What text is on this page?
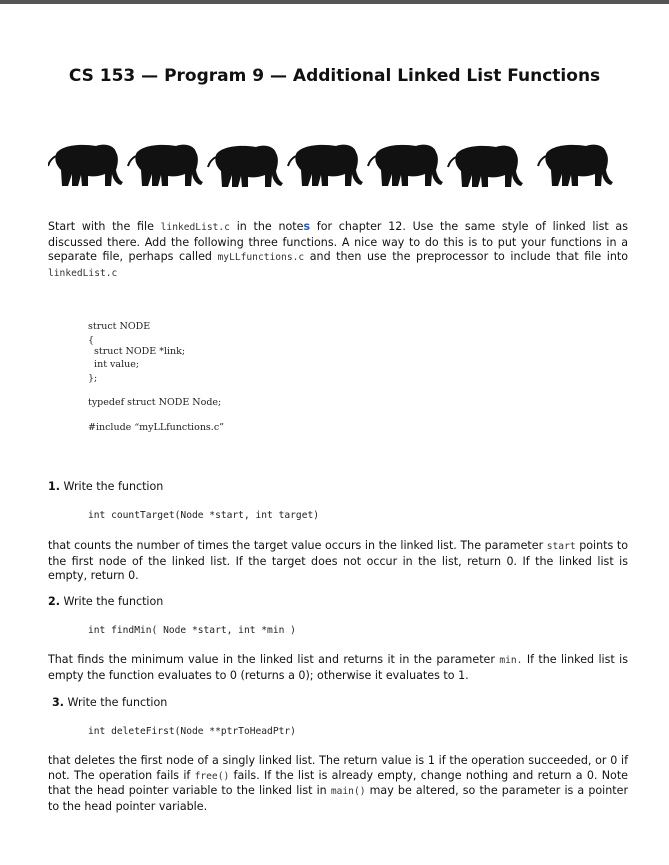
CS 153 — Program 9 — Additional Linked List Functions

Start with the file linkedList.c in the notes for chapter 12. Use the same style of linked list as discussed there. Add the following three functions. A nice way to do this is to put your functions in a separate file, perhaps called myLLfunctions.c and then use the preprocessor to include that file into linkedList.c

struct NODE
{
struct NODE *link;
int value;
};
typedef struct NODE Node;
#include “myLLfunctions.c”

1. Write the function

int countTarget(Node *start, int target)

that counts the number of times the target value occurs in the linked list. The parameter start points to the first node of the linked list. If the target does not occur in the list, return 0. If the linked list is empty, return 0.

2. Write the function

int findMin( Node *start, int *min )

That finds the minimum value in the linked list and returns it in the parameter min. If the linked list is empty the function evaluates to 0 (returns a 0); otherwise it evaluates to 1.

3. Write the function

int deleteFirst(Node **ptrToHeadPtr)

that deletes the first node of a singly linked list. The return value is 1 if the operation succeeded, or 0 if not. The operation fails if free() fails. If the list is already empty, change nothing and return a 0. Note that the head pointer variable to the linked list in main() may be altered, so the parameter is a pointer to the head pointer variable.
